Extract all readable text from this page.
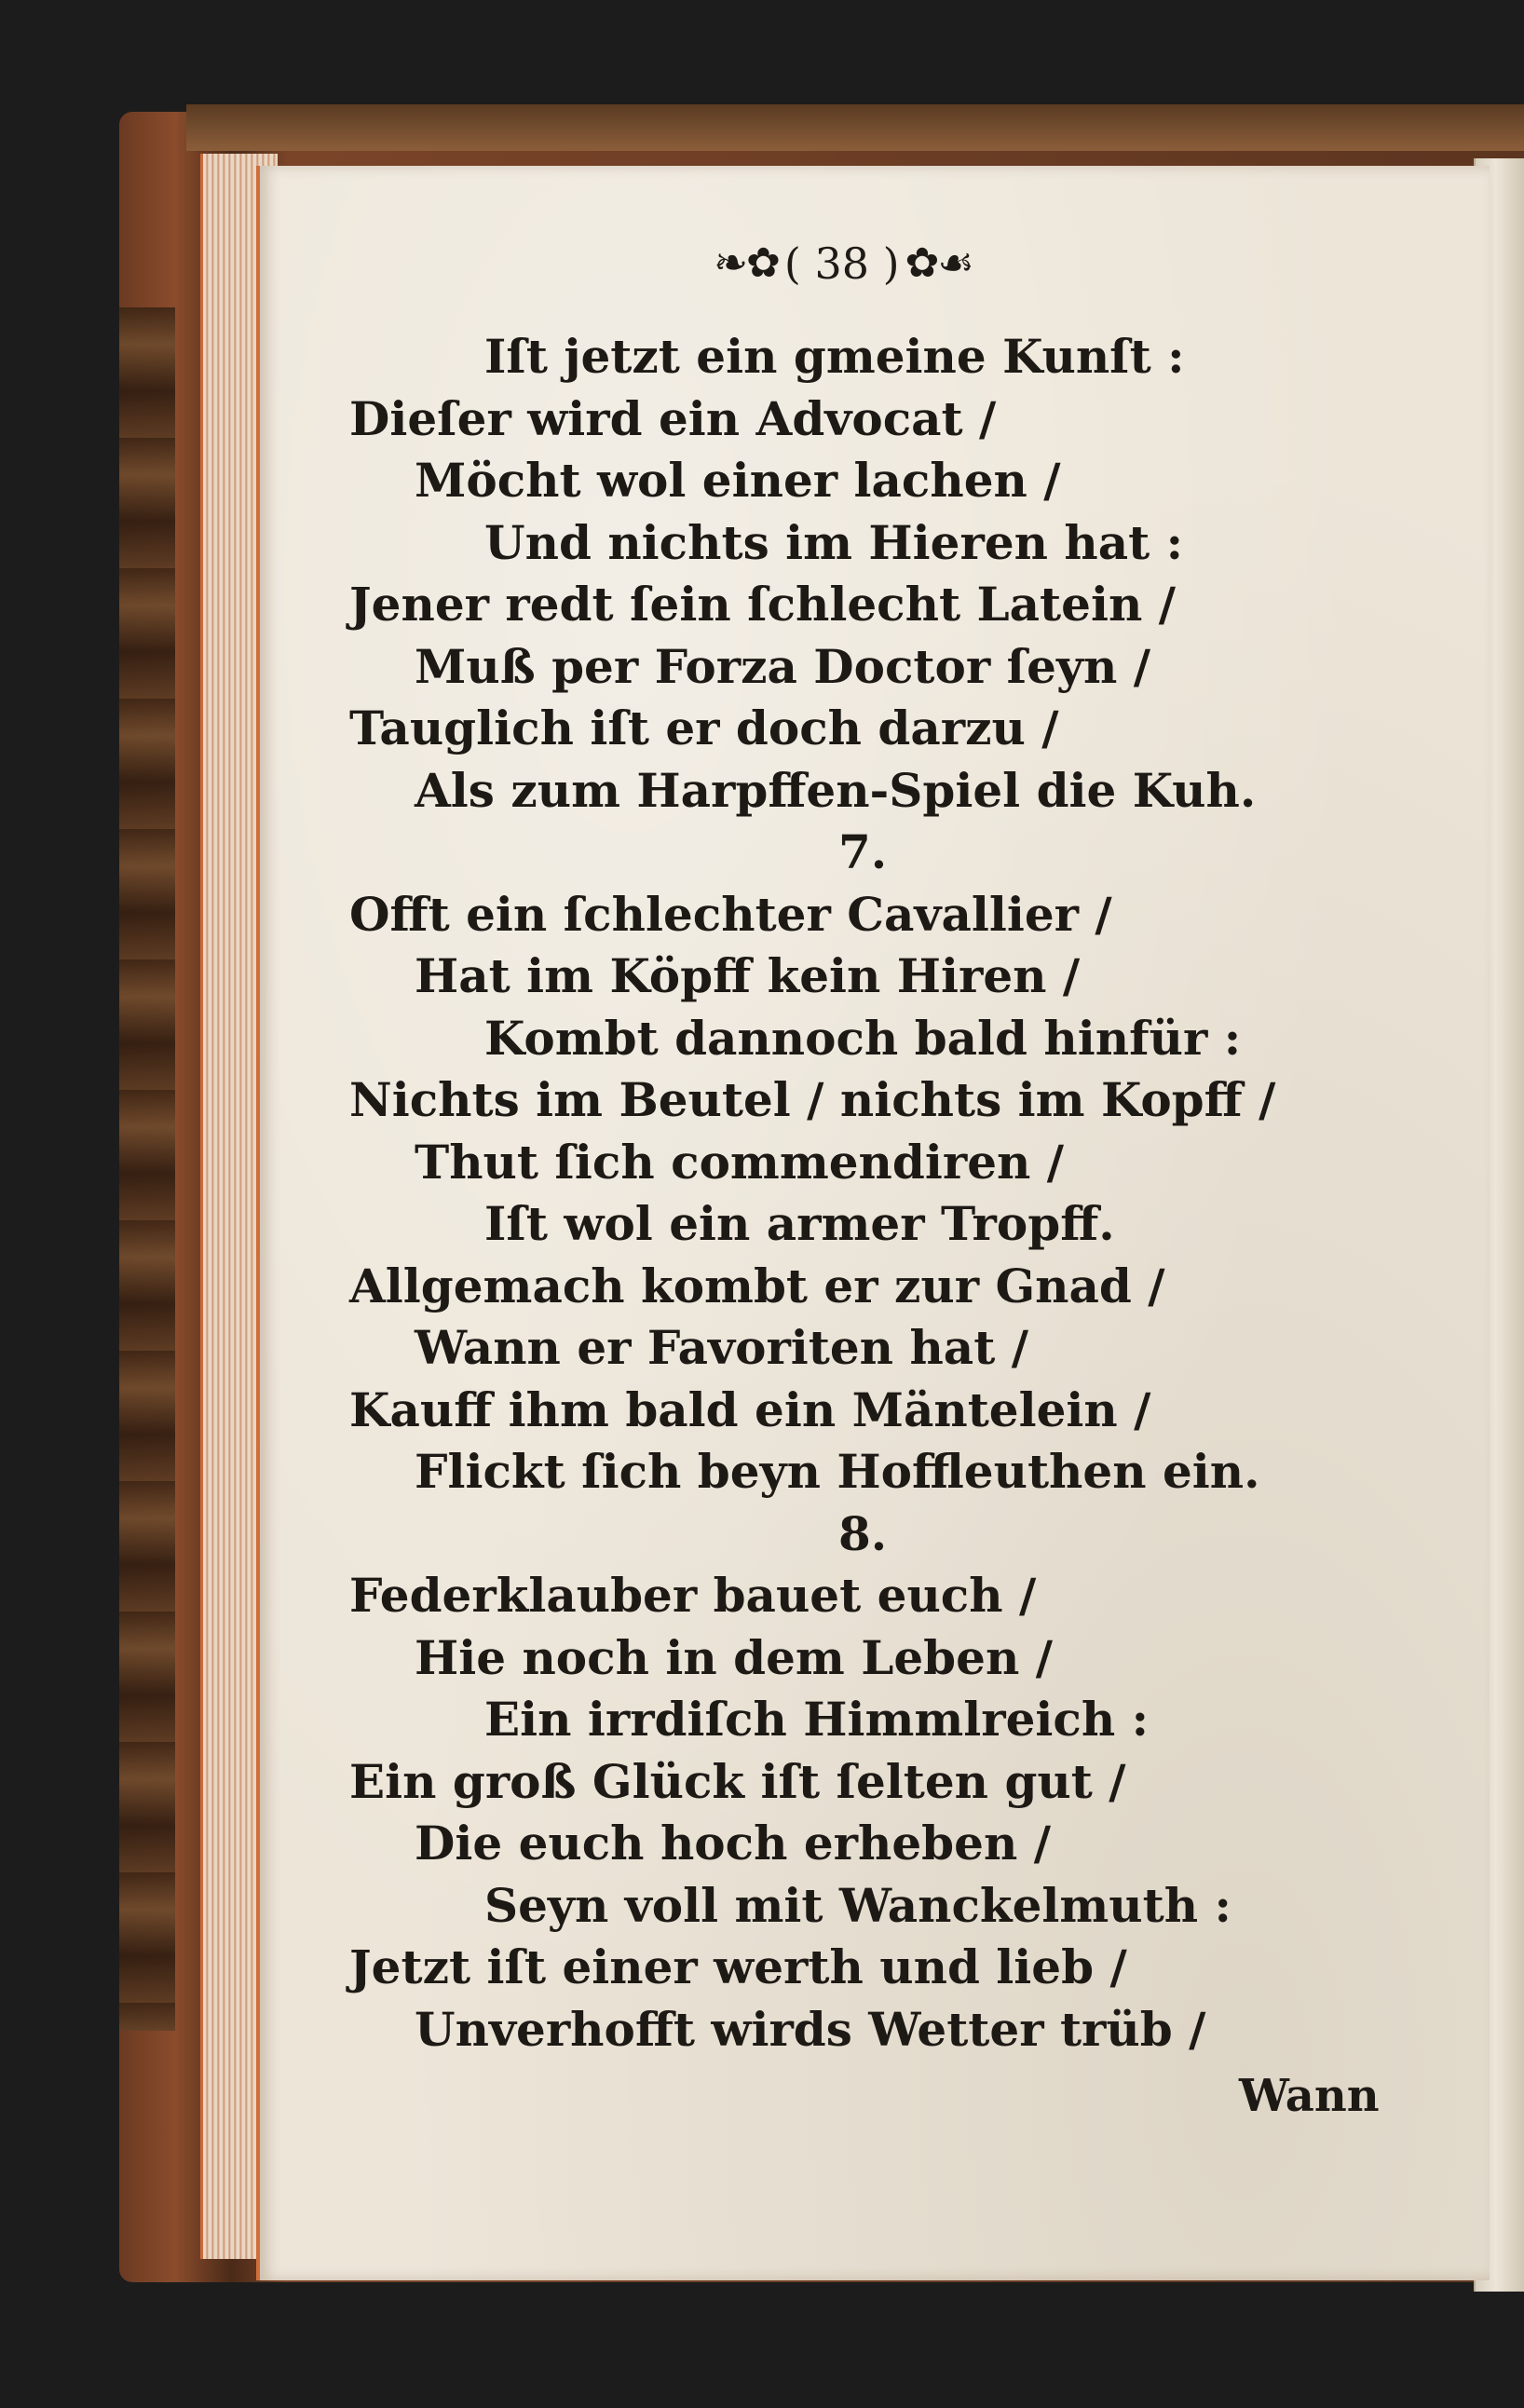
❧✿ ( 38 ) ✿☙
Iſt jetzt ein gmeine Kunſt :
Dieſer wird ein Advocat /
Möcht wol einer lachen /
Und nichts im Hieren hat :
Jener redt ſein ſchlecht Latein /
Muß per Forza Doctor ſeyn /
Tauglich iſt er doch darzu /
Als zum Harpffen-Spiel die Kuh.
7.
Offt ein ſchlechter Cavallier /
Hat im Köpff kein Hiren /
Kombt dannoch bald hinfür :
Nichts im Beutel / nichts im Kopff /
Thut ſich commendiren /
Iſt wol ein armer Tropff.
Allgemach kombt er zur Gnad /
Wann er Favoriten hat /
Kauff ihm bald ein Mäntelein /
Flickt ſich beyn Hoffleuthen ein.
8.
Federklauber bauet euch /
Hie noch in dem Leben /
Ein irrdiſch Himmlreich :
Ein groß Glück iſt ſelten gut /
Die euch hoch erheben /
Seyn voll mit Wanckelmuth :
Jetzt iſt einer werth und lieb /
Unverhofft wirds Wetter trüb /
Wann
